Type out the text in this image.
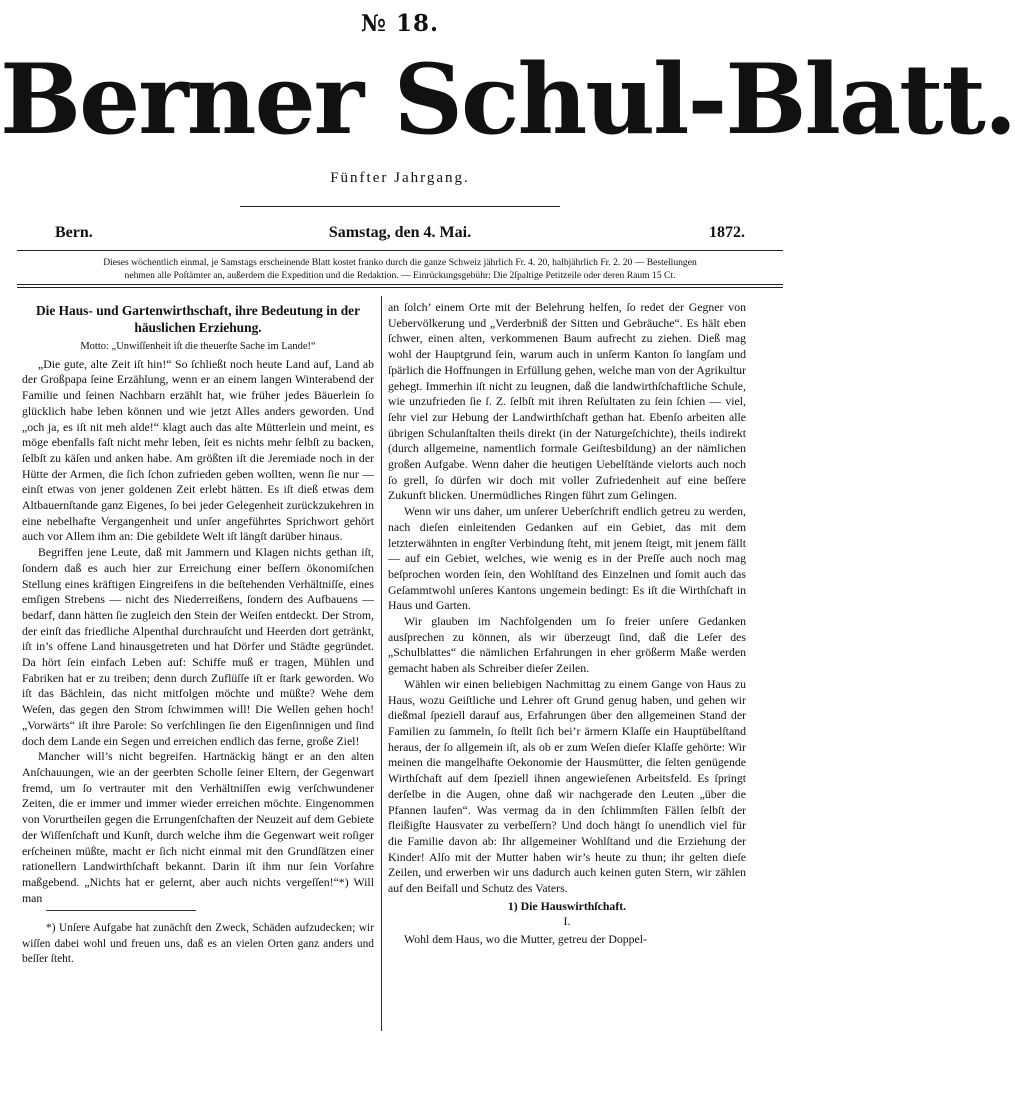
№ 18.
Berner Schul-Blatt.
Fünfter Jahrgang.
Bern.	Samstag, den 4. Mai.	1872.
Dieses wöchentlich einmal, je Samstags erscheinende Blatt kostet franko durch die ganze Schweiz jährlich Fr. 4. 20, halbjährlich Fr. 2. 20 — Bestellungen
nehmen alle Poſtämter an, außerdem die Expedition und die Redaktion. — Einrückungsgebühr: Die 2ſpaltige Petitzeile oder deren Raum 15 Ct.
Die Haus- und Gartenwirthschaft, ihre Bedeutung in der häuslichen Erziehung.
Motto: „Unwiſſenheit iſt die theuerſte Sache im Lande!“

„Die gute, alte Zeit iſt hin!“ So ſchließt noch heute Land auf, Land ab der Großpapa ſeine Erzählung, wenn er an einem langen Winterabend der Familie und ſeinen Nachbarn erzählt hat, wie früher jedes Bäuerlein ſo glücklich habe leben können und wie jetzt Alles anders geworden. Und „och ja, es iſt nit meh alde!“ klagt auch das alte Mütterlein und meint, es möge ebenfalls faſt nicht mehr leben, ſeit es nichts mehr ſelbſt zu backen, ſelbſt zu käſen und anken habe. Am größten iſt die Jeremiade noch in der Hütte der Armen, die ſich ſchon zufrieden geben wollten, wenn ſie nur — einſt etwas von jener goldenen Zeit erlebt hätten. Es iſt dieß etwas dem Altbauernſtande ganz Eigenes, ſo bei jeder Gelegenheit zurückzukehren in eine nebelhafte Vergangenheit und unſer angeführtes Sprichwort gehört auch vor Allem ihm an: Die gebildete Welt iſt längſt darüber hinaus.

Begriffen jene Leute, daß mit Jammern und Klagen nichts gethan iſt, ſondern daß es auch hier zur Erreichung einer beſſern ökonomiſchen Stellung eines kräftigen Eingreifens in die beſtehenden Verhältniſſe, eines emſigen Strebens — nicht des Niederreißens, ſondern des Aufbauens — bedarf, dann hätten ſie zugleich den Stein der Weiſen entdeckt. Der Strom, der einſt das friedliche Alpenthal durchrauſcht und Heerden dort getränkt, iſt in’s offene Land hinausgetreten und hat Dörfer und Städte gegründet. Da hört ſein einfach Leben auf: Schiffe muß er tragen, Mühlen und Fabriken hat er zu treiben; denn durch Zuflüſſe iſt er ſtark geworden. Wo iſt das Bächlein, das nicht mitfolgen möchte und müßte? Wehe dem Weſen, das gegen den Strom ſchwimmen will! Die Wellen gehen hoch! „Vorwärts“ iſt ihre Parole: So verſchlingen ſie den Eigenſinnigen und ſind doch dem Lande ein Segen und erreichen endlich das ferne, große Ziel!

Mancher will’s nicht begreifen. Hartnäckig hängt er an den alten Anſchauungen, wie an der geerbten Scholle ſeiner Eltern, der Gegenwart fremd, um ſo vertrauter mit den Verhältniſſen ewig verſchwundener Zeiten, die er immer und immer wieder erreichen möchte. Eingenommen von Vorurtheilen gegen die Errungenſchaften der Neuzeit auf dem Gebiete der Wiſſenſchaft und Kunſt, durch welche ihm die Gegenwart weit roſiger erſcheinen müßte, macht er ſich nicht einmal mit den Grundſätzen einer rationellern Landwirthſchaft bekannt. Darin iſt ihm nur ſein Vorſahre maßgebend. „Nichts hat er gelernt, aber auch nichts vergeſſen!“*) Will man

*) Unſere Aufgabe hat zunächſt den Zweck, Schäden aufzudecken; wir wiſſen dabei wohl und freuen uns, daß es an vielen Orten ganz anders und beſſer ſteht.

an ſolch’ einem Orte mit der Belehrung helfen, ſo redet der Gegner von Uebervölkerung und „Verderbniß der Sitten und Gebräuche“. Es hält eben ſchwer, einen alten, verkommenen Baum aufrecht zu ziehen. Dieß mag wohl der Hauptgrund ſein, warum auch in unſerm Kanton ſo langſam und ſpärlich die Hoffnungen in Erfüllung gehen, welche man von der Agrikultur gehegt. Immerhin iſt nicht zu leugnen, daß die landwirthſchaftliche Schule, wie unzufrieden ſie ſ. Z. ſelbſt mit ihren Reſultaten zu ſein ſchien — viel, ſehr viel zur Hebung der Landwirthſchaft gethan hat. Ebenſo arbeiten alle übrigen Schulanſtalten theils direkt (in der Naturgeſchichte), theils indirekt (durch allgemeine, namentlich formale Geiſtesbildung) an der nämlichen großen Aufgabe. Wenn daher die heutigen Uebelſtände vielorts auch noch ſo grell, ſo dürfen wir doch mit voller Zufriedenheit auf eine beſſere Zukunft blicken. Unermüdliches Ringen führt zum Gelingen.

Wenn wir uns daher, um unſerer Ueberſchrift endlich getreu zu werden, nach dieſen einleitenden Gedanken auf ein Gebiet, das mit dem letzterwähnten in engſter Verbindung ſteht, mit jenem ſteigt, mit jenem fällt — auf ein Gebiet, welches, wie wenig es in der Preſſe auch noch mag beſprochen worden ſein, den Wohlſtand des Einzelnen und ſomit auch das Geſammtwohl unſeres Kantons ungemein bedingt: Es iſt die Wirthſchaft in Haus und Garten.

Wir glauben im Nachfolgenden um ſo freier unſere Gedanken ausſprechen zu können, als wir überzeugt ſind, daß die Leſer des „Schulblattes“ die nämlichen Erfahrungen in eher größerm Maße werden gemacht haben als Schreiber dieſer Zeilen.

Wählen wir einen beliebigen Nachmittag zu einem Gange von Haus zu Haus, wozu Geiſtliche und Lehrer oft Grund genug haben, und gehen wir dießmal ſpeziell darauf aus, Erfahrungen über den allgemeinen Stand der Familien zu ſammeln, ſo ſtellt ſich bei’r ärmern Klaſſe ein Hauptübelſtand heraus, der ſo allgemein iſt, als ob er zum Weſen dieſer Klaſſe gehörte: Wir meinen die mangelhafte Oekonomie der Hausmütter, die ſelten genügende Wirthſchaft auf dem ſpeziell ihnen angewieſenen Arbeitsfeld. Es ſpringt derſelbe in die Augen, ohne daß wir nachgerade den Leuten „über die Pfannen laufen“. Was vermag da in den ſchlimmſten Fällen ſelbſt der fleißigſte Hausvater zu verbeſſern? Und doch hängt ſo unendlich viel für die Familie davon ab: Ihr allgemeiner Wohlſtand und die Erziehung der Kinder! Alſo mit der Mutter haben wir’s heute zu thun; ihr gelten dieſe Zeilen, und erwerben wir uns dadurch auch keinen guten Stern, wir zählen auf den Beifall und Schutz des Vaters.

1) Die Hauswirthſchaft.
I.

Wohl dem Haus, wo die Mutter, getreu der Doppel-
